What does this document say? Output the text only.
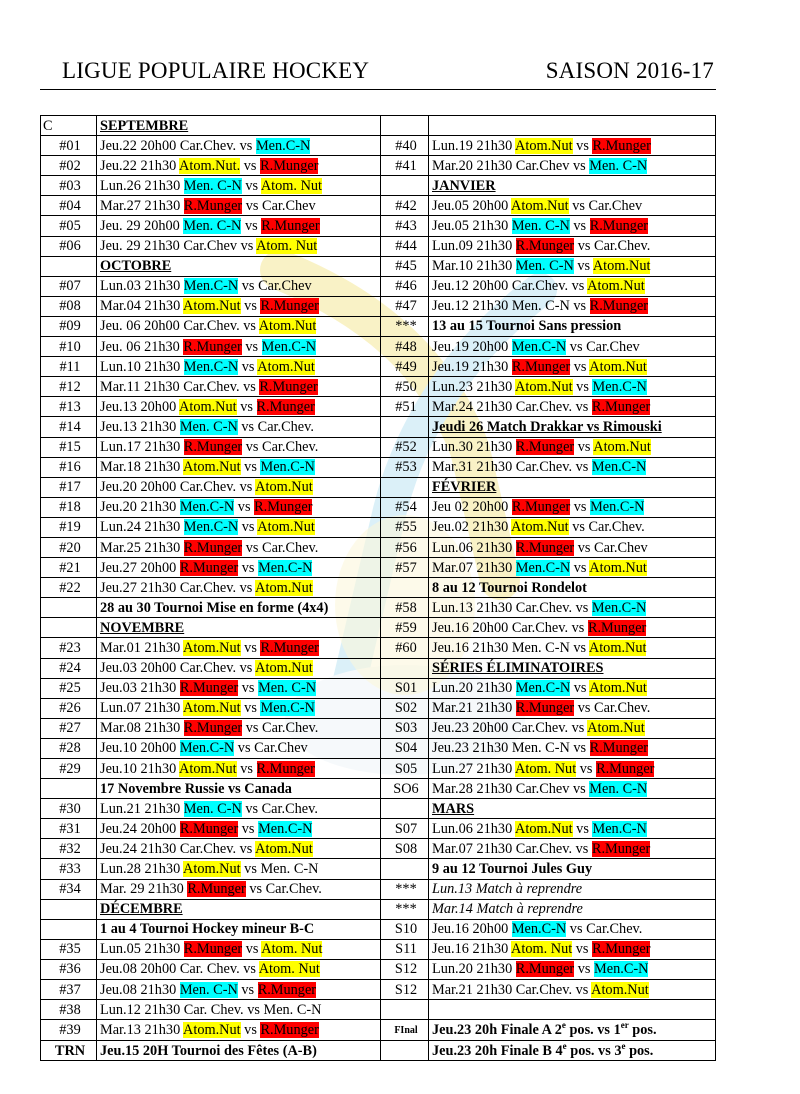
LIGUE POPULAIRE HOCKEY	SAISON 2016-17
C	SEPTEMBRE		
#01	Jeu.22 20h00 Car.Chev. vs Men.C-N	#40	Lun.19 21h30 Atom.Nut vs R.Munger
#02	Jeu.22 21h30 Atom.Nut. vs R.Munger	#41	Mar.20 21h30 Car.Chev vs Men. C-N
#03	Lun.26 21h30 Men. C-N vs Atom. Nut		JANVIER
#04	Mar.27 21h30 R.Munger vs Car.Chev	#42	Jeu.05 20h00 Atom.Nut vs Car.Chev
#05	Jeu. 29 20h00 Men. C-N vs R.Munger	#43	Jeu.05 21h30 Men. C-N vs R.Munger
#06	Jeu. 29 21h30 Car.Chev vs Atom. Nut	#44	Lun.09 21h30 R.Munger vs Car.Chev.
	OCTOBRE	#45	Mar.10 21h30 Men. C-N vs Atom.Nut
#07	Lun.03 21h30 Men.C-N vs Car.Chev	#46	Jeu.12 20h00 Car.Chev. vs Atom.Nut
#08	Mar.04 21h30 Atom.Nut vs R.Munger	#47	Jeu.12 21h30 Men. C-N vs R.Munger
#09	Jeu. 06 20h00 Car.Chev. vs Atom.Nut	***	13 au 15 Tournoi Sans pression
#10	Jeu. 06 21h30 R.Munger vs Men.C-N	#48	Jeu.19 20h00 Men.C-N vs Car.Chev
#11	Lun.10 21h30 Men.C-N vs Atom.Nut	#49	Jeu.19 21h30 R.Munger vs Atom.Nut
#12	Mar.11 21h30 Car.Chev. vs R.Munger	#50	Lun.23 21h30 Atom.Nut vs Men.C-N
#13	Jeu.13 20h00 Atom.Nut vs R.Munger	#51	Mar.24 21h30 Car.Chev. vs R.Munger
#14	Jeu.13 21h30 Men. C-N vs Car.Chev.		Jeudi 26 Match Drakkar vs Rimouski
#15	Lun.17 21h30 R.Munger vs Car.Chev.	#52	Lun.30 21h30 R.Munger vs Atom.Nut
#16	Mar.18 21h30 Atom.Nut vs Men.C-N	#53	Mar.31 21h30 Car.Chev. vs Men.C-N
#17	Jeu.20 20h00 Car.Chev. vs Atom.Nut		FÉVRIER
#18	Jeu.20 21h30 Men.C-N vs R.Munger	#54	Jeu 02 20h00 R.Munger vs Men.C-N
#19	Lun.24 21h30 Men.C-N vs Atom.Nut	#55	Jeu.02 21h30 Atom.Nut vs Car.Chev.
#20	Mar.25 21h30 R.Munger vs Car.Chev.	#56	Lun.06 21h30 R.Munger vs Car.Chev
#21	Jeu.27 20h00 R.Munger vs Men.C-N	#57	Mar.07 21h30 Men.C-N vs Atom.Nut
#22	Jeu.27 21h30 Car.Chev. vs Atom.Nut		8 au 12 Tournoi Rondelot
	28 au 30 Tournoi Mise en forme (4x4)	#58	Lun.13 21h30 Car.Chev. vs Men.C-N
	NOVEMBRE	#59	Jeu.16 20h00 Car.Chev. vs R.Munger
#23	Mar.01 21h30 Atom.Nut vs R.Munger	#60	Jeu.16 21h30 Men. C-N vs Atom.Nut
#24	Jeu.03 20h00 Car.Chev. vs Atom.Nut		SÉRIES ÉLIMINATOIRES
#25	Jeu.03 21h30 R.Munger vs Men. C-N	S01	Lun.20 21h30 Men.C-N vs Atom.Nut
#26	Lun.07 21h30 Atom.Nut vs Men.C-N	S02	Mar.21 21h30 R.Munger vs Car.Chev.
#27	Mar.08 21h30 R.Munger vs Car.Chev.	S03	Jeu.23 20h00 Car.Chev. vs Atom.Nut
#28	Jeu.10 20h00 Men.C-N vs Car.Chev	S04	Jeu.23 21h30 Men. C-N vs R.Munger
#29	Jeu.10 21h30 Atom.Nut vs R.Munger	S05	Lun.27 21h30 Atom. Nut vs R.Munger
	17 Novembre Russie vs Canada	SO6	Mar.28 21h30 Car.Chev vs Men. C-N
#30	Lun.21 21h30 Men. C-N vs Car.Chev.		MARS
#31	Jeu.24 20h00 R.Munger vs Men.C-N	S07	Lun.06 21h30 Atom.Nut vs Men.C-N
#32	Jeu.24 21h30 Car.Chev. vs Atom.Nut	S08	Mar.07 21h30 Car.Chev. vs R.Munger
#33	Lun.28 21h30 Atom.Nut vs Men. C-N		9 au 12 Tournoi Jules Guy
#34	Mar. 29 21h30 R.Munger vs Car.Chev.	***	Lun.13 Match à reprendre
	DÉCEMBRE	***	Mar.14 Match à reprendre
	1 au 4 Tournoi Hockey mineur B-C	S10	Jeu.16 20h00 Men.C-N vs Car.Chev.
#35	Lun.05 21h30 R.Munger vs Atom. Nut	S11	Jeu.16 21h30 Atom. Nut vs R.Munger
#36	Jeu.08 20h00 Car. Chev. vs Atom. Nut	S12	Lun.20 21h30 R.Munger vs Men.C-N
#37	Jeu.08 21h30 Men. C-N vs R.Munger	S12	Mar.21 21h30 Car.Chev. vs Atom.Nut
#38	Lun.12 21h30 Car. Chev. vs Men. C-N		
#39	Mar.13 21h30 Atom.Nut vs R.Munger	FInal	Jeu.23 20h Finale A 2e pos. vs 1er pos.
TRN	Jeu.15 20H Tournoi des Fêtes (A-B)		Jeu.23 20h Finale B 4e pos. vs 3e pos.
